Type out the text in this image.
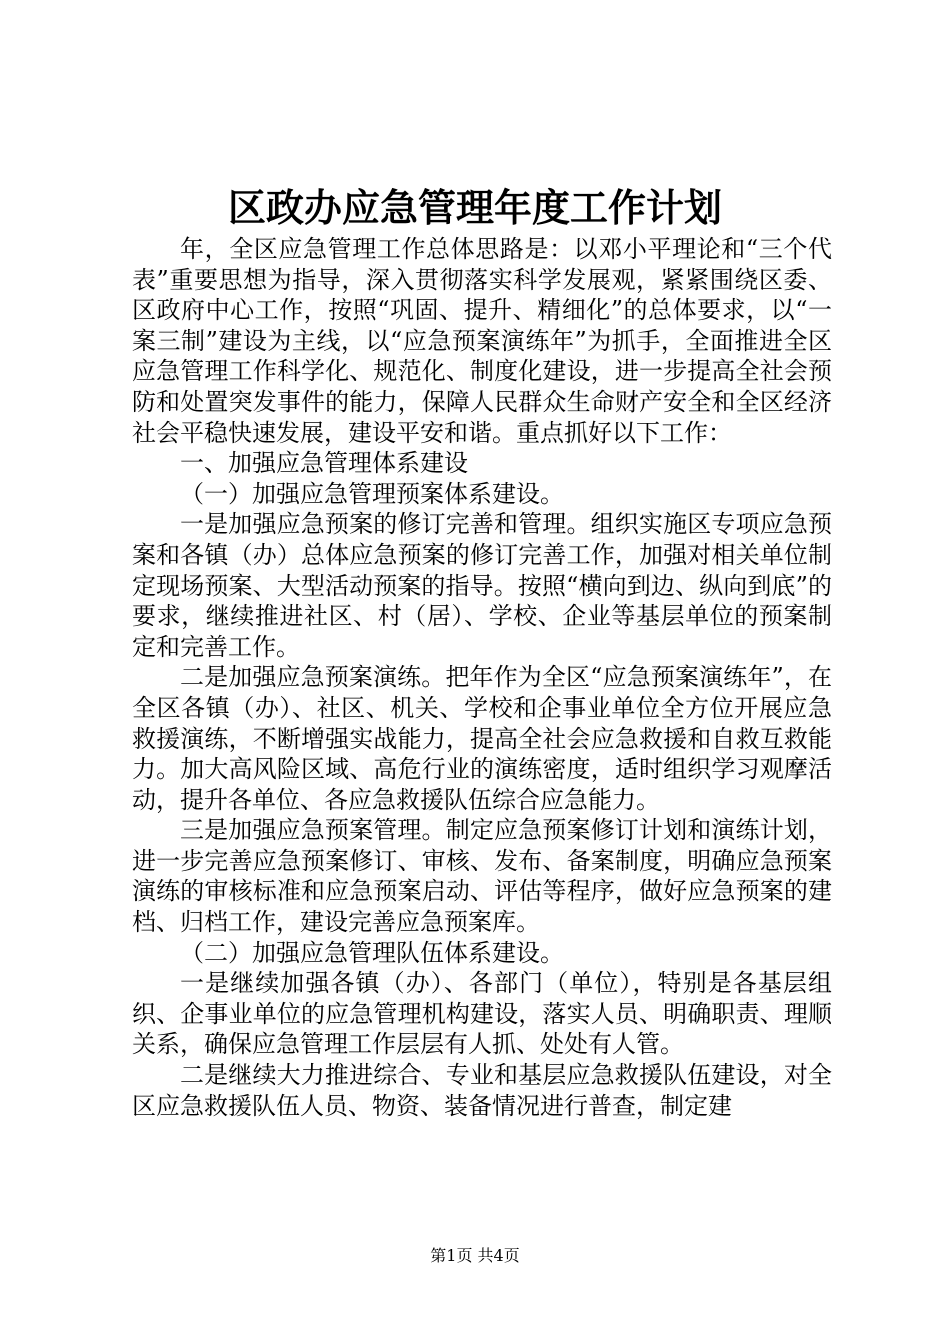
区政办应急管理年度工作计划

年，全区应急管理工作总体思路是：以邓小平理论和“三个代表”重要思想为指导，深入贯彻落实科学发展观，紧紧围绕区委、区政府中心工作，按照“巩固、提升、精细化”的总体要求，以“一案三制”建设为主线，以“应急预案演练年”为抓手，全面推进全区应急管理工作科学化、规范化、制度化建设，进一步提高全社会预防和处置突发事件的能力，保障人民群众生命财产安全和全区经济社会平稳快速发展，建设平安和谐。重点抓好以下工作：

一、加强应急管理体系建设

（一）加强应急管理预案体系建设。

一是加强应急预案的修订完善和管理。组织实施区专项应急预案和各镇（办）总体应急预案的修订完善工作，加强对相关单位制定现场预案、大型活动预案的指导。按照“横向到边、纵向到底”的要求，继续推进社区、村（居）、学校、企业等基层单位的预案制定和完善工作。

二是加强应急预案演练。把年作为全区“应急预案演练年”，在全区各镇（办）、社区、机关、学校和企事业单位全方位开展应急救援演练，不断增强实战能力，提高全社会应急救援和自救互救能力。加大高风险区域、高危行业的演练密度，适时组织学习观摩活动，提升各单位、各应急救援队伍综合应急能力。

三是加强应急预案管理。制定应急预案修订计划和演练计划，进一步完善应急预案修订、审核、发布、备案制度，明确应急预案演练的审核标准和应急预案启动、评估等程序，做好应急预案的建档、归档工作，建设完善应急预案库。

（二）加强应急管理队伍体系建设。

一是继续加强各镇（办）、各部门（单位），特别是各基层组织、企事业单位的应急管理机构建设，落实人员、明确职责、理顺关系，确保应急管理工作层层有人抓、处处有人管。

二是继续大力推进综合、专业和基层应急救援队伍建设，对全区应急救援队伍人员、物资、装备情况进行普查，制定建

第1页 共4页
